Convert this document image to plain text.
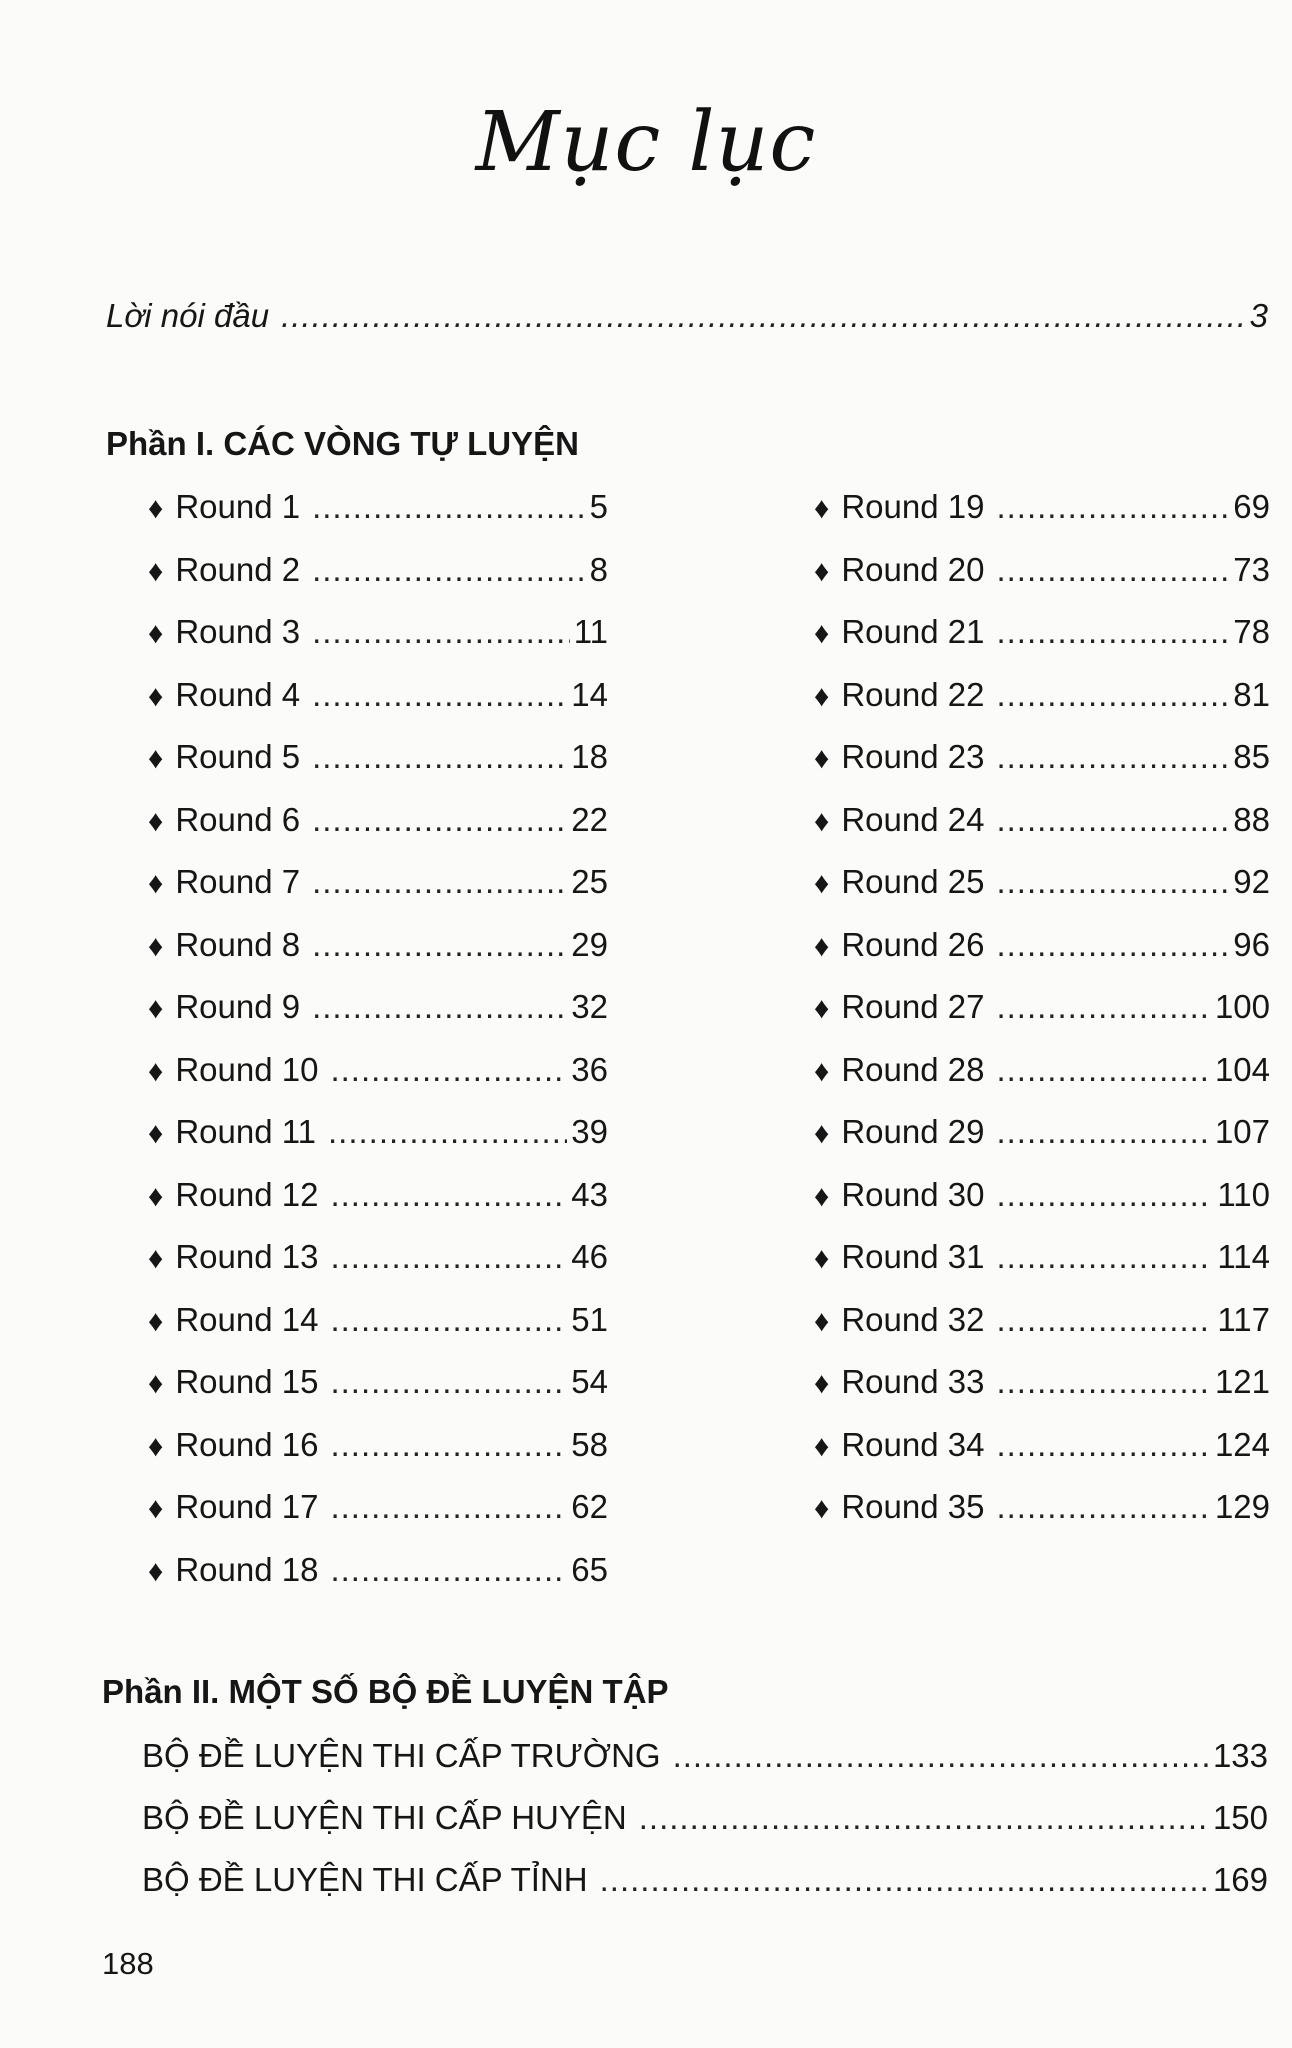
Mục lục
Lời nói đầu .....	3
Phần I. CÁC VÒNG TỰ LUYỆN
♦ Round 1 .....	5
♦ Round 2 .....	8
♦ Round 3 .....	11
♦ Round 4 .....	14
♦ Round 5 .....	18
♦ Round 6 .....	22
♦ Round 7 .....	25
♦ Round 8 .....	29
♦ Round 9 .....	32
♦ Round 10 .....	36
♦ Round 11 .....	39
♦ Round 12 .....	43
♦ Round 13 .....	46
♦ Round 14 .....	51
♦ Round 15 .....	54
♦ Round 16 .....	58
♦ Round 17 .....	62
♦ Round 18 .....	65
♦ Round 19 .....	69
♦ Round 20 .....	73
♦ Round 21 .....	78
♦ Round 22 .....	81
♦ Round 23 .....	85
♦ Round 24 .....	88
♦ Round 25 .....	92
♦ Round 26 .....	96
♦ Round 27 .....	100
♦ Round 28 .....	104
♦ Round 29 .....	107
♦ Round 30 .....	110
♦ Round 31 .....	114
♦ Round 32 .....	117
♦ Round 33 .....	121
♦ Round 34 .....	124
♦ Round 35 .....	129
Phần II. MỘT SỐ BỘ ĐỀ LUYỆN TẬP
BỘ ĐỀ LUYỆN THI CẤP TRƯỜNG .....	133
BỘ ĐỀ LUYỆN THI CẤP HUYỆN .....	150
BỘ ĐỀ LUYỆN THI CẤP TỈNH .....	169
188
